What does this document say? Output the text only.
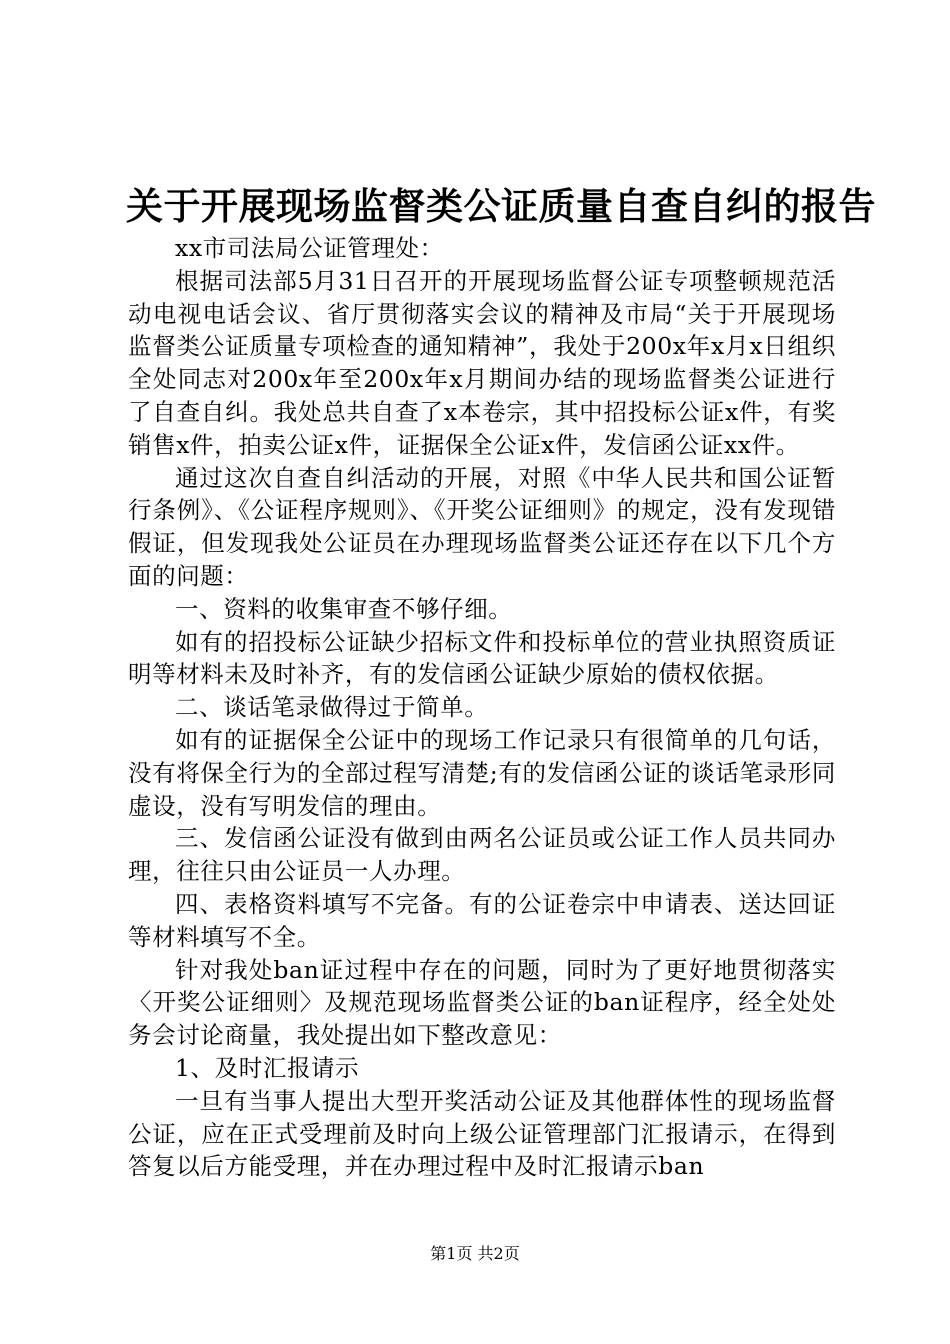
关于开展现场监督类公证质量自查自纠的报告

xx市司法局公证管理处：

根据司法部5月31日召开的开展现场监督公证专项整顿规范活动电视电话会议、省厅贯彻落实会议的精神及市局“关于开展现场监督类公证质量专项检查的通知精神”，我处于200x年x月x日组织全处同志对200x年至200x年x月期间办结的现场监督类公证进行了自查自纠。我处总共自查了x本卷宗，其中招投标公证x件，有奖销售x件，拍卖公证x件，证据保全公证x件，发信函公证xx件。

通过这次自查自纠活动的开展，对照《中华人民共和国公证暂行条例》、《公证程序规则》、《开奖公证细则》的规定，没有发现错假证，但发现我处公证员在办理现场监督类公证还存在以下几个方面的问题：

一、资料的收集审查不够仔细。

如有的招投标公证缺少招标文件和投标单位的营业执照资质证明等材料未及时补齐，有的发信函公证缺少原始的债权依据。

二、谈话笔录做得过于简单。

如有的证据保全公证中的现场工作记录只有很简单的几句话，没有将保全行为的全部过程写清楚;有的发信函公证的谈话笔录形同虚设，没有写明发信的理由。

三、发信函公证没有做到由两名公证员或公证工作人员共同办理，往往只由公证员一人办理。

四、表格资料填写不完备。有的公证卷宗中申请表、送达回证等材料填写不全。

针对我处ban证过程中存在的问题，同时为了更好地贯彻落实〈开奖公证细则〉及规范现场监督类公证的ban证程序，经全处处务会讨论商量，我处提出如下整改意见：

1、及时汇报请示

一旦有当事人提出大型开奖活动公证及其他群体性的现场监督公证，应在正式受理前及时向上级公证管理部门汇报请示，在得到答复以后方能受理，并在办理过程中及时汇报请示ban

第1页 共2页
